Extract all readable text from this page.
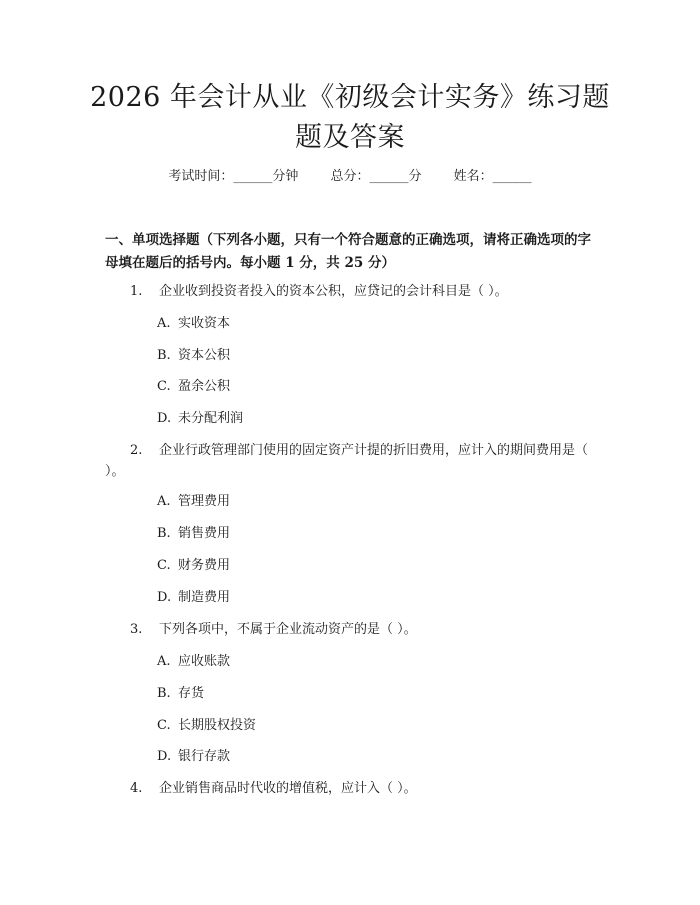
2026 年会计从业《初级会计实务》练习题题及答案
考试时间：______分钟 总分：______分 姓名：______
一、单项选择题（下列各小题，只有一个符合题意的正确选项，请将正确选项的字母填在题后的括号内。每小题 1 分，共 25 分）
1. 企业收到投资者投入的资本公积，应贷记的会计科目是（ ）。
A. 实收资本
B. 资本公积
C. 盈余公积
D. 未分配利润
2. 企业行政管理部门使用的固定资产计提的折旧费用，应计入的期间费用是（ ）。
A. 管理费用
B. 销售费用
C. 财务费用
D. 制造费用
3. 下列各项中，不属于企业流动资产的是（ ）。
A. 应收账款
B. 存货
C. 长期股权投资
D. 银行存款
4. 企业销售商品时代收的增值税，应计入（ ）。
